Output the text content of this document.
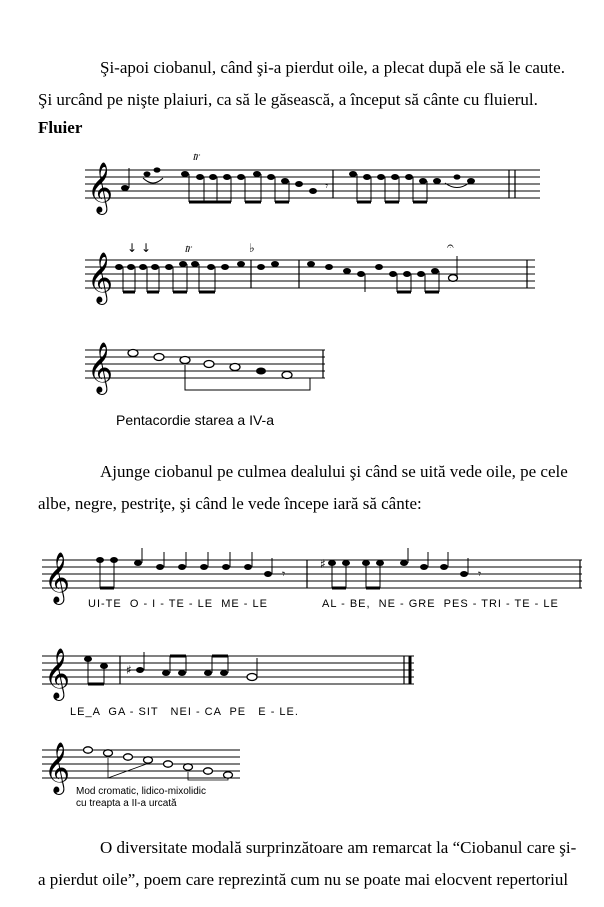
Şi-apoi ciobanul, când şi-a pierdut oile, a plecat după ele să le caute. Şi urcând pe nişte plaiuri, ca să le găsească, a început să cânte cu fluierul.

Fluier

𝄞
𝆖
𝄾
𝄞
↓ ↓	𝆖	♭	𝄐
𝄞

Pentacordie starea a IV-a

Ajunge ciobanul pe culmea dealului şi când se uită vede oile, pe cele albe, negre, pestriţe, şi când le vede începe iară să cânte:

𝄞	𝄾
♯
𝄾

UI-TE  O - I - TE - LE  ME - LE	AL - BE,  NE - GRE  PES - TRI - TE - LE

𝄞	♯

LE_A  GA - SIT   NEI - CA  PE   E - LE.

𝄞 Mod cromatic, lidico-mixolidic
cu treapta a II-a urcată

O diversitate modală surprinzătoare am remarcat la “Ciobanul care şi- a pierdut oile”, poem care reprezintă cum nu se poate mai elocvent repertoriul
